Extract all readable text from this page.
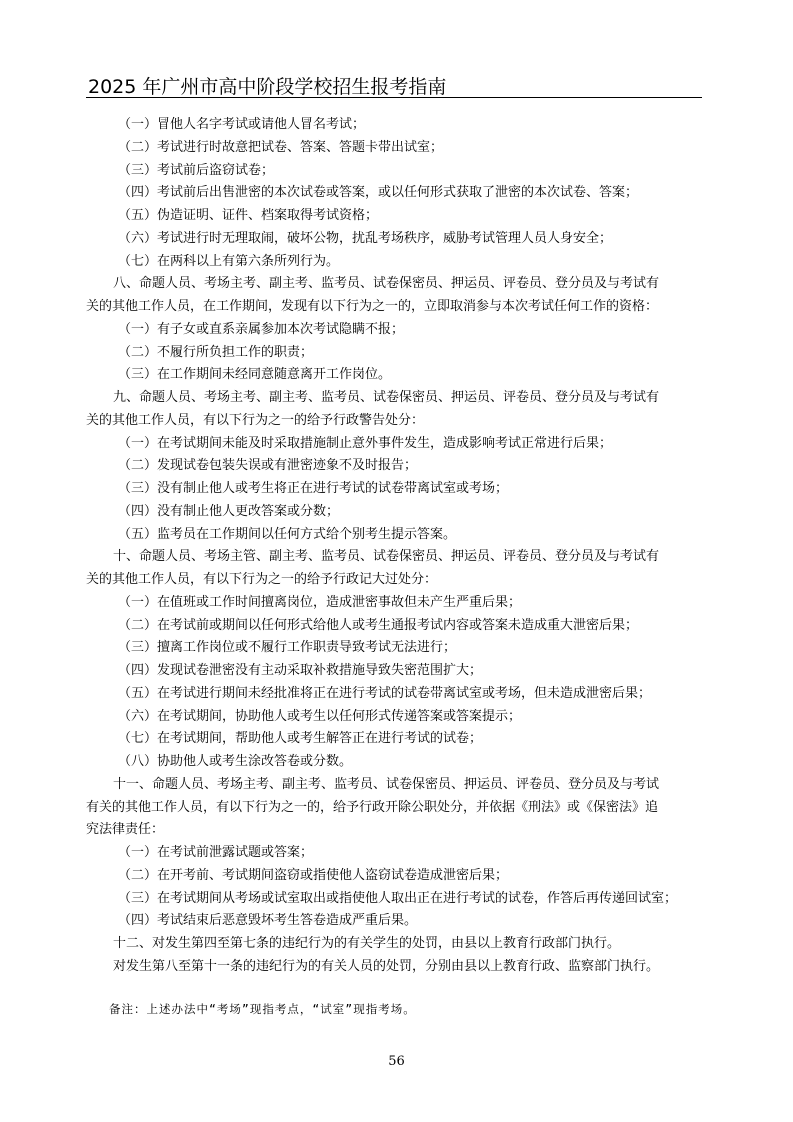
2025 年广州市高中阶段学校招生报考指南
（一）冒他人名字考试或请他人冒名考试；
（二）考试进行时故意把试卷、答案、答题卡带出试室；
（三）考试前后盗窃试卷；
（四）考试前后出售泄密的本次试卷或答案，或以任何形式获取了泄密的本次试卷、答案；
（五）伪造证明、证件、档案取得考试资格；
（六）考试进行时无理取闹，破坏公物，扰乱考场秩序，威胁考试管理人员人身安全；
（七）在两科以上有第六条所列行为。
八、命题人员、考场主考、副主考、监考员、试卷保密员、押运员、评卷员、登分员及与考试有
关的其他工作人员，在工作期间，发现有以下行为之一的，立即取消参与本次考试任何工作的资格：
（一）有子女或直系亲属参加本次考试隐瞒不报；
（二）不履行所负担工作的职责；
（三）在工作期间未经同意随意离开工作岗位。
九、命题人员、考场主考、副主考、监考员、试卷保密员、押运员、评卷员、登分员及与考试有
关的其他工作人员，有以下行为之一的给予行政警告处分：
（一）在考试期间未能及时采取措施制止意外事件发生，造成影响考试正常进行后果；
（二）发现试卷包装失误或有泄密迹象不及时报告；
（三）没有制止他人或考生将正在进行考试的试卷带离试室或考场；
（四）没有制止他人更改答案或分数；
（五）监考员在工作期间以任何方式给个别考生提示答案。
十、命题人员、考场主管、副主考、监考员、试卷保密员、押运员、评卷员、登分员及与考试有
关的其他工作人员，有以下行为之一的给予行政记大过处分：
（一）在值班或工作时间擅离岗位，造成泄密事故但未产生严重后果；
（二）在考试前或期间以任何形式给他人或考生通报考试内容或答案未造成重大泄密后果；
（三）擅离工作岗位或不履行工作职责导致考试无法进行；
（四）发现试卷泄密没有主动采取补救措施导致失密范围扩大；
（五）在考试进行期间未经批准将正在进行考试的试卷带离试室或考场，但未造成泄密后果；
（六）在考试期间，协助他人或考生以任何形式传递答案或答案提示；
（七）在考试期间，帮助他人或考生解答正在进行考试的试卷；
（八）协助他人或考生涂改答卷或分数。
十一、命题人员、考场主考、副主考、监考员、试卷保密员、押运员、评卷员、登分员及与考试
有关的其他工作人员，有以下行为之一的，给予行政开除公职处分，并依据《刑法》或《保密法》追
究法律责任：
（一）在考试前泄露试题或答案；
（二）在开考前、考试期间盗窃或指使他人盗窃试卷造成泄密后果；
（三）在考试期间从考场或试室取出或指使他人取出正在进行考试的试卷，作答后再传递回试室；
（四）考试结束后恶意毁坏考生答卷造成严重后果。
十二、对发生第四至第七条的违纪行为的有关学生的处罚，由县以上教育行政部门执行。
对发生第八至第十一条的违纪行为的有关人员的处罚，分别由县以上教育行政、监察部门执行。
备注：上述办法中“考场”现指考点，“试室”现指考场。
56
